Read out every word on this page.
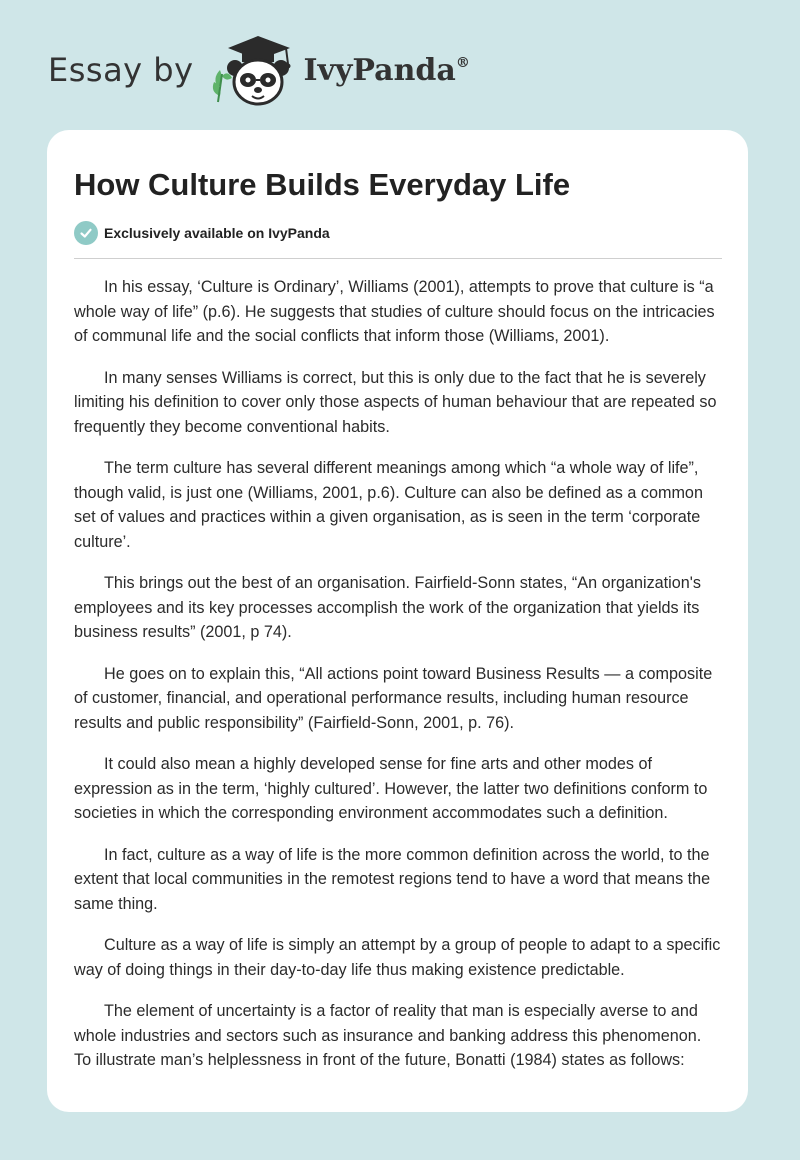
Essay by	IvyPanda®
How Culture Builds Everyday Life
Exclusively available on IvyPanda

In his essay, ‘Culture is Ordinary’, Williams (2001), attempts to prove that culture is “a whole way of life” (p.6). He suggests that studies of culture should focus on the intricacies of communal life and the social conflicts that inform those (Williams, 2001).

In many senses Williams is correct, but this is only due to the fact that he is severely limiting his definition to cover only those aspects of human behaviour that are repeated so frequently they become conventional habits.

The term culture has several different meanings among which “a whole way of life”, though valid, is just one (Williams, 2001, p.6). Culture can also be defined as a common set of values and practices within a given organisation, as is seen in the term ‘corporate culture’.

This brings out the best of an organisation. Fairfield-Sonn states, “An organization's employees and its key processes accomplish the work of the organization that yields its business results” (2001, p 74).

He goes on to explain this, “All actions point toward Business Results — a composite of customer, financial, and operational performance results, including human resource results and public responsibility” (Fairfield-Sonn, 2001, p. 76).

It could also mean a highly developed sense for fine arts and other modes of expression as in the term, ‘highly cultured’. However, the latter two definitions conform to societies in which the corresponding environment accommodates such a definition.

In fact, culture as a way of life is the more common definition across the world, to the extent that local communities in the remotest regions tend to have a word that means the same thing.

Culture as a way of life is simply an attempt by a group of people to adapt to a specific way of doing things in their day-to-day life thus making existence predictable.

The element of uncertainty is a factor of reality that man is especially averse to and whole industries and sectors such as insurance and banking address this phenomenon. To illustrate man’s helplessness in front of the future, Bonatti (1984) states as follows:
